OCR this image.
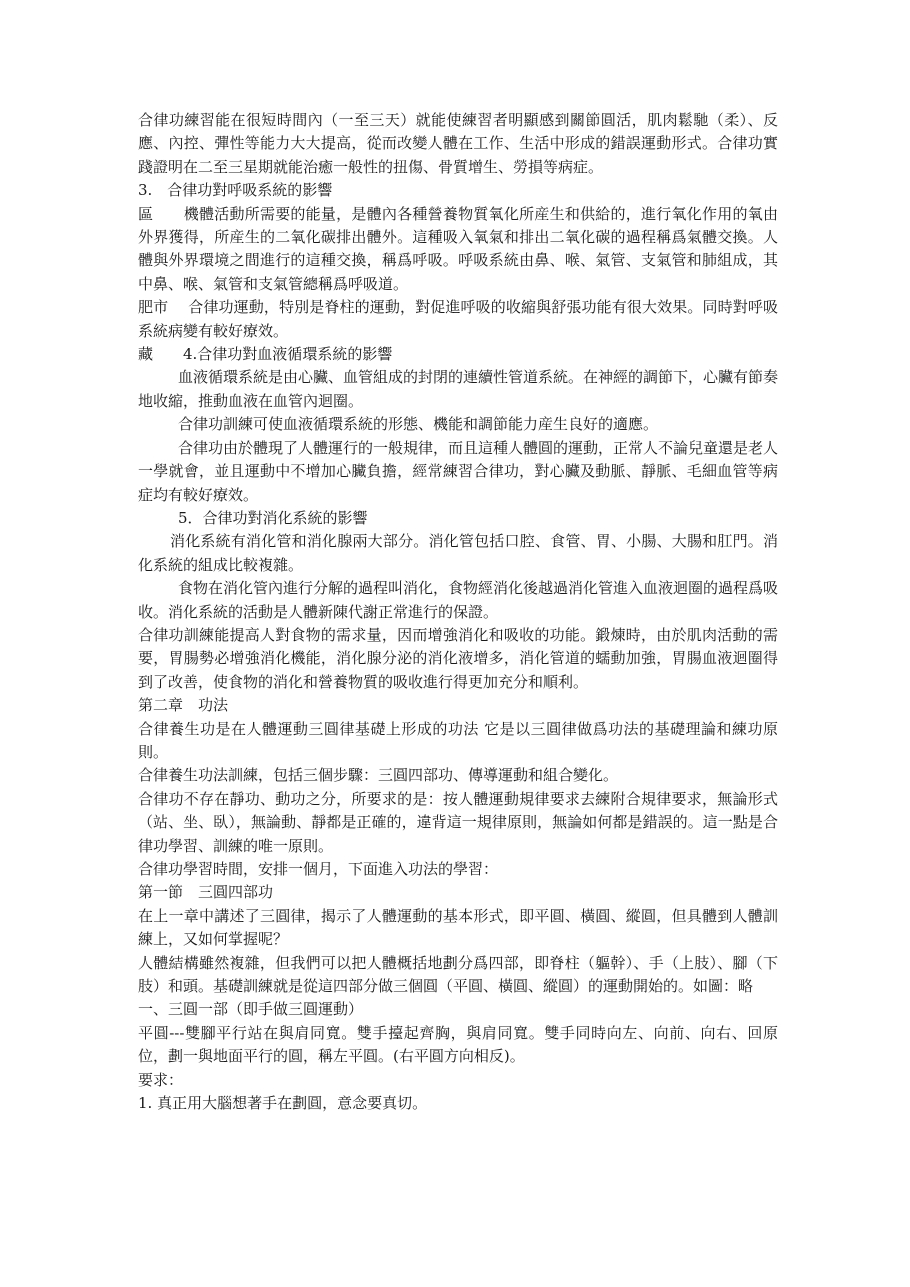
合律功練習能在很短時間內（一至三天）就能使練習者明顯感到關節圓活，肌肉鬆馳（柔）、反應、內控、彈性等能力大大提高，從而改變人體在工作、生活中形成的錯誤運動形式。合律功實踐證明在二至三星期就能治癒一般性的扭傷、骨質增生、勞損等病症。

3.　合律功對呼吸系統的影響

區　　機體活動所需要的能量，是體內各種營養物質氧化所産生和供給的，進行氧化作用的氧由外界獲得，所産生的二氧化碳排出體外。這種吸入氧氣和排出二氧化碳的過程稱爲氣體交換。人體與外界環境之間進行的這種交換，稱爲呼吸。呼吸系統由鼻、喉、氣管、支氣管和肺組成，其中鼻、喉、氣管和支氣管總稱爲呼吸道。

肥市　 合律功運動，特別是脊柱的運動，對促進呼吸的收縮與舒張功能有很大效果。同時對呼吸系統病變有較好療效。

藏　　4.合律功對血液循環系統的影響

血液循環系統是由心臟、血管組成的封閉的連續性管道系統。在神經的調節下，心臟有節奏地收縮，推動血液在血管內迴圈。

合律功訓練可使血液循環系統的形態、機能和調節能力産生良好的適應。

合律功由於體現了人體運行的一般規律，而且這種人體圓的運動，正常人不論兒童還是老人一學就會，並且運動中不增加心臟負擔，經常練習合律功，對心臟及動脈、靜脈、毛細血管等病症均有較好療效。

5．合律功對消化系統的影響

消化系統有消化管和消化腺兩大部分。消化管包括口腔、食管、胃、小腸、大腸和肛門。消化系統的組成比較複雜。

食物在消化管內進行分解的過程叫消化，食物經消化後越過消化管進入血液迴圈的過程爲吸收。消化系統的活動是人體新陳代謝正常進行的保證。

合律功訓練能提高人對食物的需求量，因而增強消化和吸收的功能。鍛煉時，由於肌肉活動的需要，胃腸勢必增強消化機能，消化腺分泌的消化液增多，消化管道的蠕動加強，胃腸血液迴圈得到了改善，使食物的消化和營養物質的吸收進行得更加充分和順利。

第二章　功法

合律養生功是在人體運動三圓律基礎上形成的功法 它是以三圓律做爲功法的基礎理論和練功原則。

合律養生功法訓練，包括三個步驟：三圓四部功、傳導運動和組合變化。

合律功不存在靜功、動功之分，所要求的是：按人體運動規律要求去練附合規律要求，無論形式（站、坐、臥），無論動、靜都是正確的，違背這一規律原則，無論如何都是錯誤的。這一點是合律功學習、訓練的唯一原則。

合律功學習時間，安排一個月，下面進入功法的學習：

第一節　三圓四部功

在上一章中講述了三圓律，揭示了人體運動的基本形式，即平圓、橫圓、縱圓，但具體到人體訓練上，又如何掌握呢？

人體結構雖然複雜，但我們可以把人體概括地劃分爲四部，即脊柱（軀幹）、手（上肢）、腳（下肢）和頭。基礎訓練就是從這四部分做三個圓（平圓、橫圓、縱圓）的運動開始的。如圖：略

一、三圓一部（即手做三圓運動）

平圓---雙腳平行站在與肩同寬。雙手擡起齊胸，與肩同寬。雙手同時向左、向前、向右、回原位，劃一與地面平行的圓，稱左平圓。(右平圓方向相反)。

要求：

1. 真正用大腦想著手在劃圓，意念要真切。
